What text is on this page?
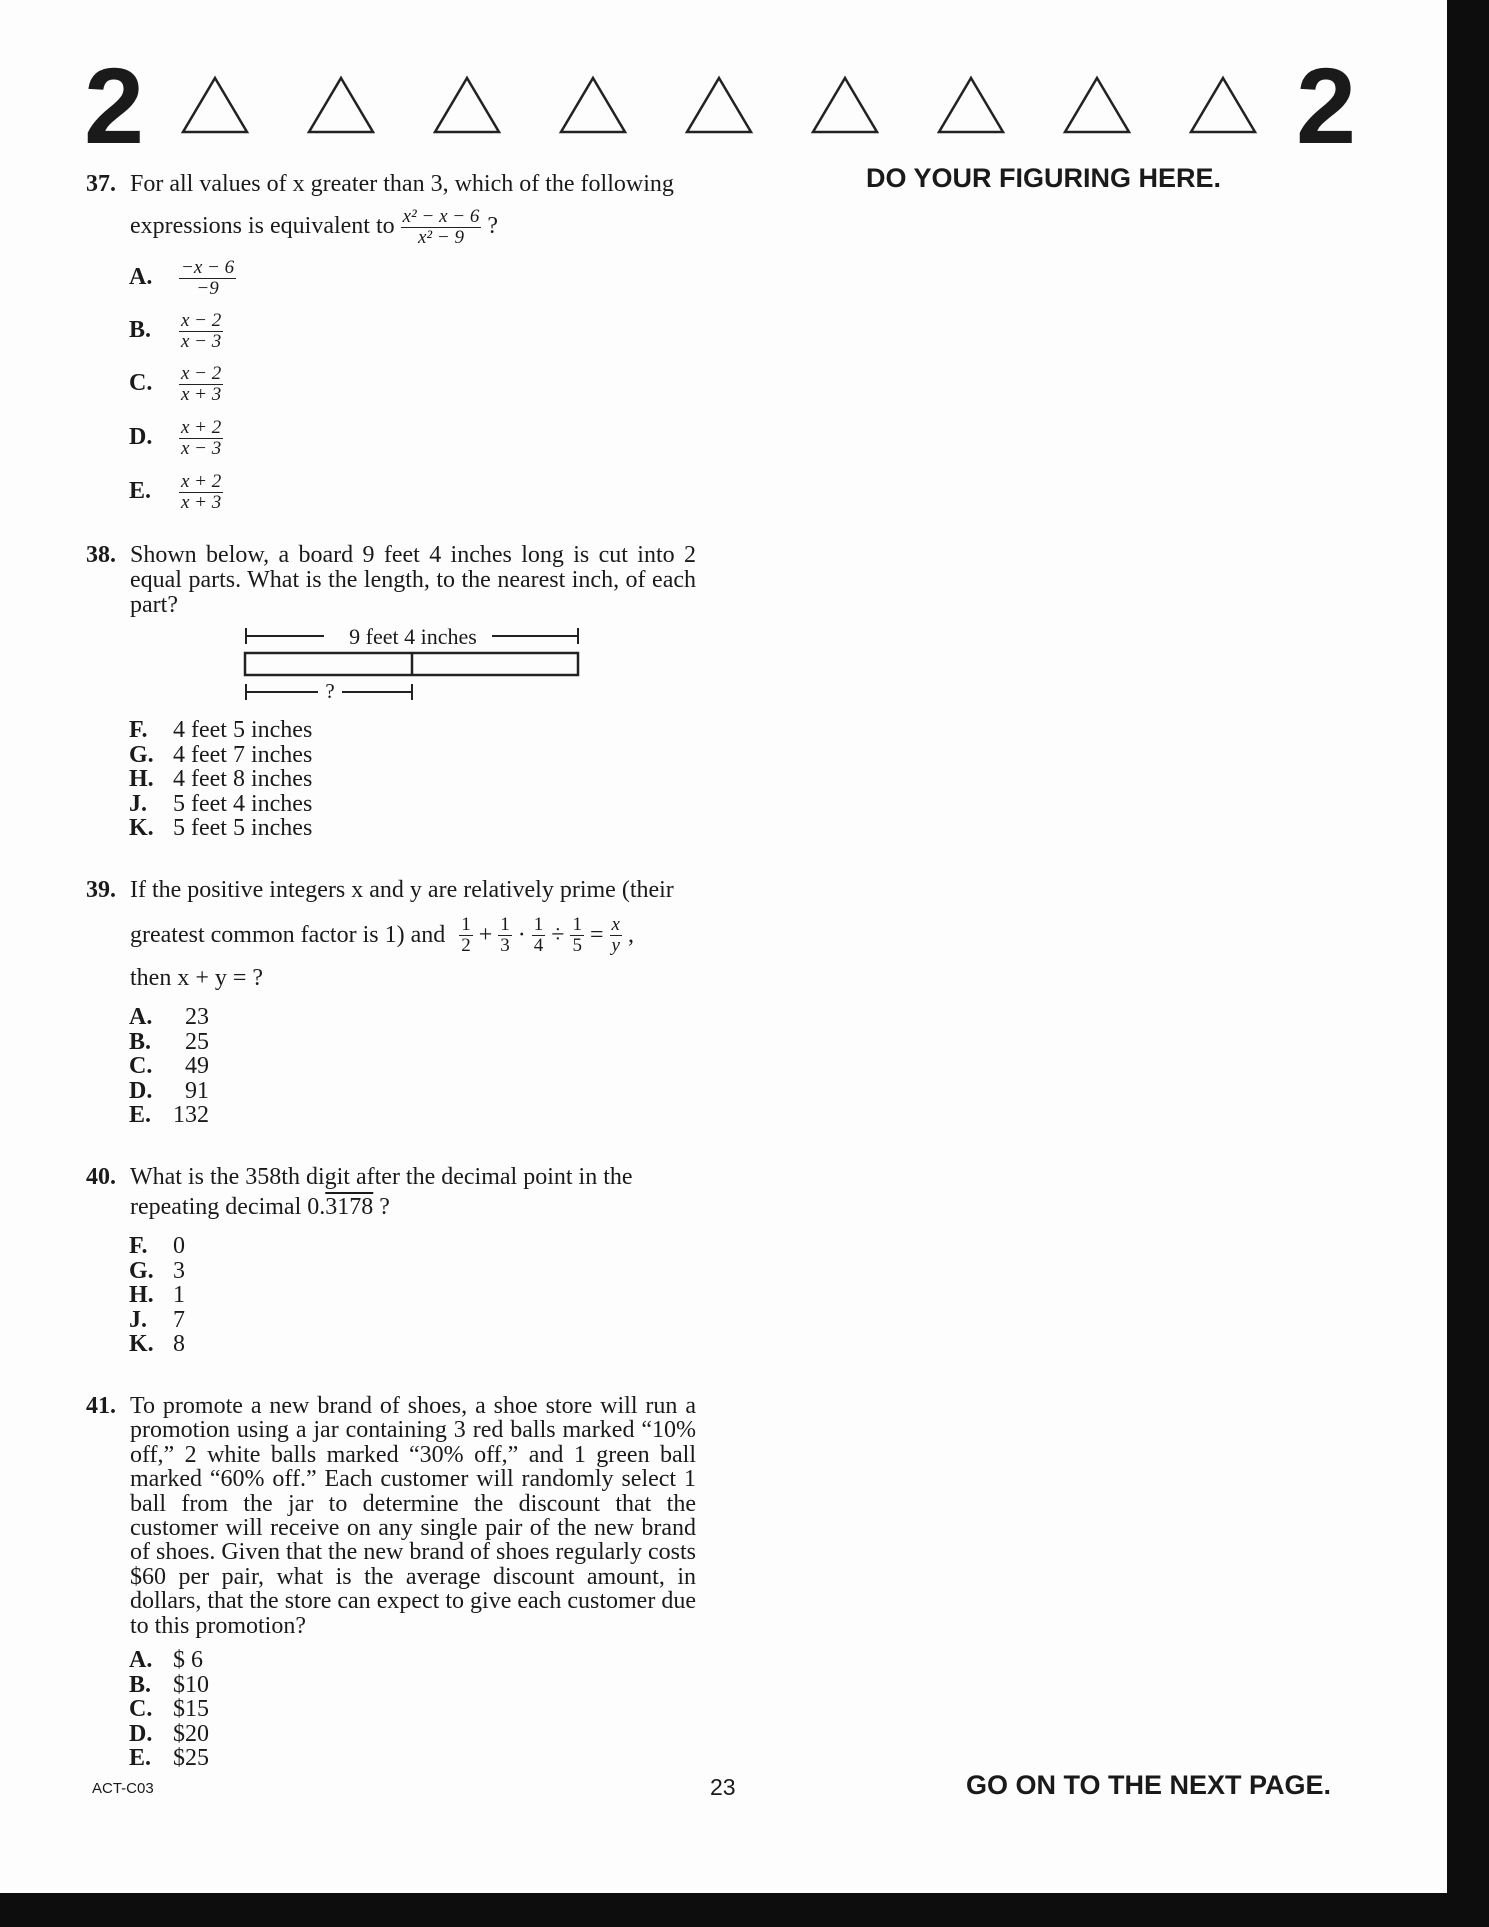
2	2
DO YOUR FIGURING HERE.
37. For all values of x greater than 3, which of the following
expressions is equivalent to $\frac{\text{x² − x − 6}}{\text{x² − 9}}$ ?
A. $\frac{-x - 6}{-9}$
B. $\frac{x - 2}{x - 3}$
C. $\frac{x - 2}{x + 3}$
D. $\frac{x + 2}{x - 3}$
E. $\frac{x + 2}{x + 3}$
38. Shown below, a board 9 feet 4 inches long is cut into 2 equal parts. What is the length, to the nearest inch, of each part?
9 feet 4 inches
?
F. 4 feet 5 inches
G. 4 feet 7 inches
H. 4 feet 8 inches
J. 5 feet 4 inches
K. 5 feet 5 inches
39. If the positive integers x and y are relatively prime (their
greatest common factor is 1) and $\frac{1}{2} + \frac{1}{3} \cdot \frac{1}{4} \div \frac{1}{5} = \frac{x}{y}$ ,
then x + y = ?
A. 23
B. 25
C. 49
D. 91
E. 132
40. What is the 358th digit after the decimal point in the
repeating decimal 0.3178 ?
F. 0
G. 3
H. 1
J. 7
K. 8
41. To promote a new brand of shoes, a shoe store will run a promotion using a jar containing 3 red balls marked “10% off,” 2 white balls marked “30% off,” and 1 green ball marked “60% off.” Each customer will randomly select 1 ball from the jar to determine the discount that the customer will receive on any single pair of the new brand of shoes. Given that the new brand of shoes regularly costs $60 per pair, what is the average discount amount, in dollars, that the store can expect to give each customer due to this promotion?
A. $ 6
B. $10
C. $15
D. $20
E. $25
ACT-C03	23	GO ON TO THE NEXT PAGE.
